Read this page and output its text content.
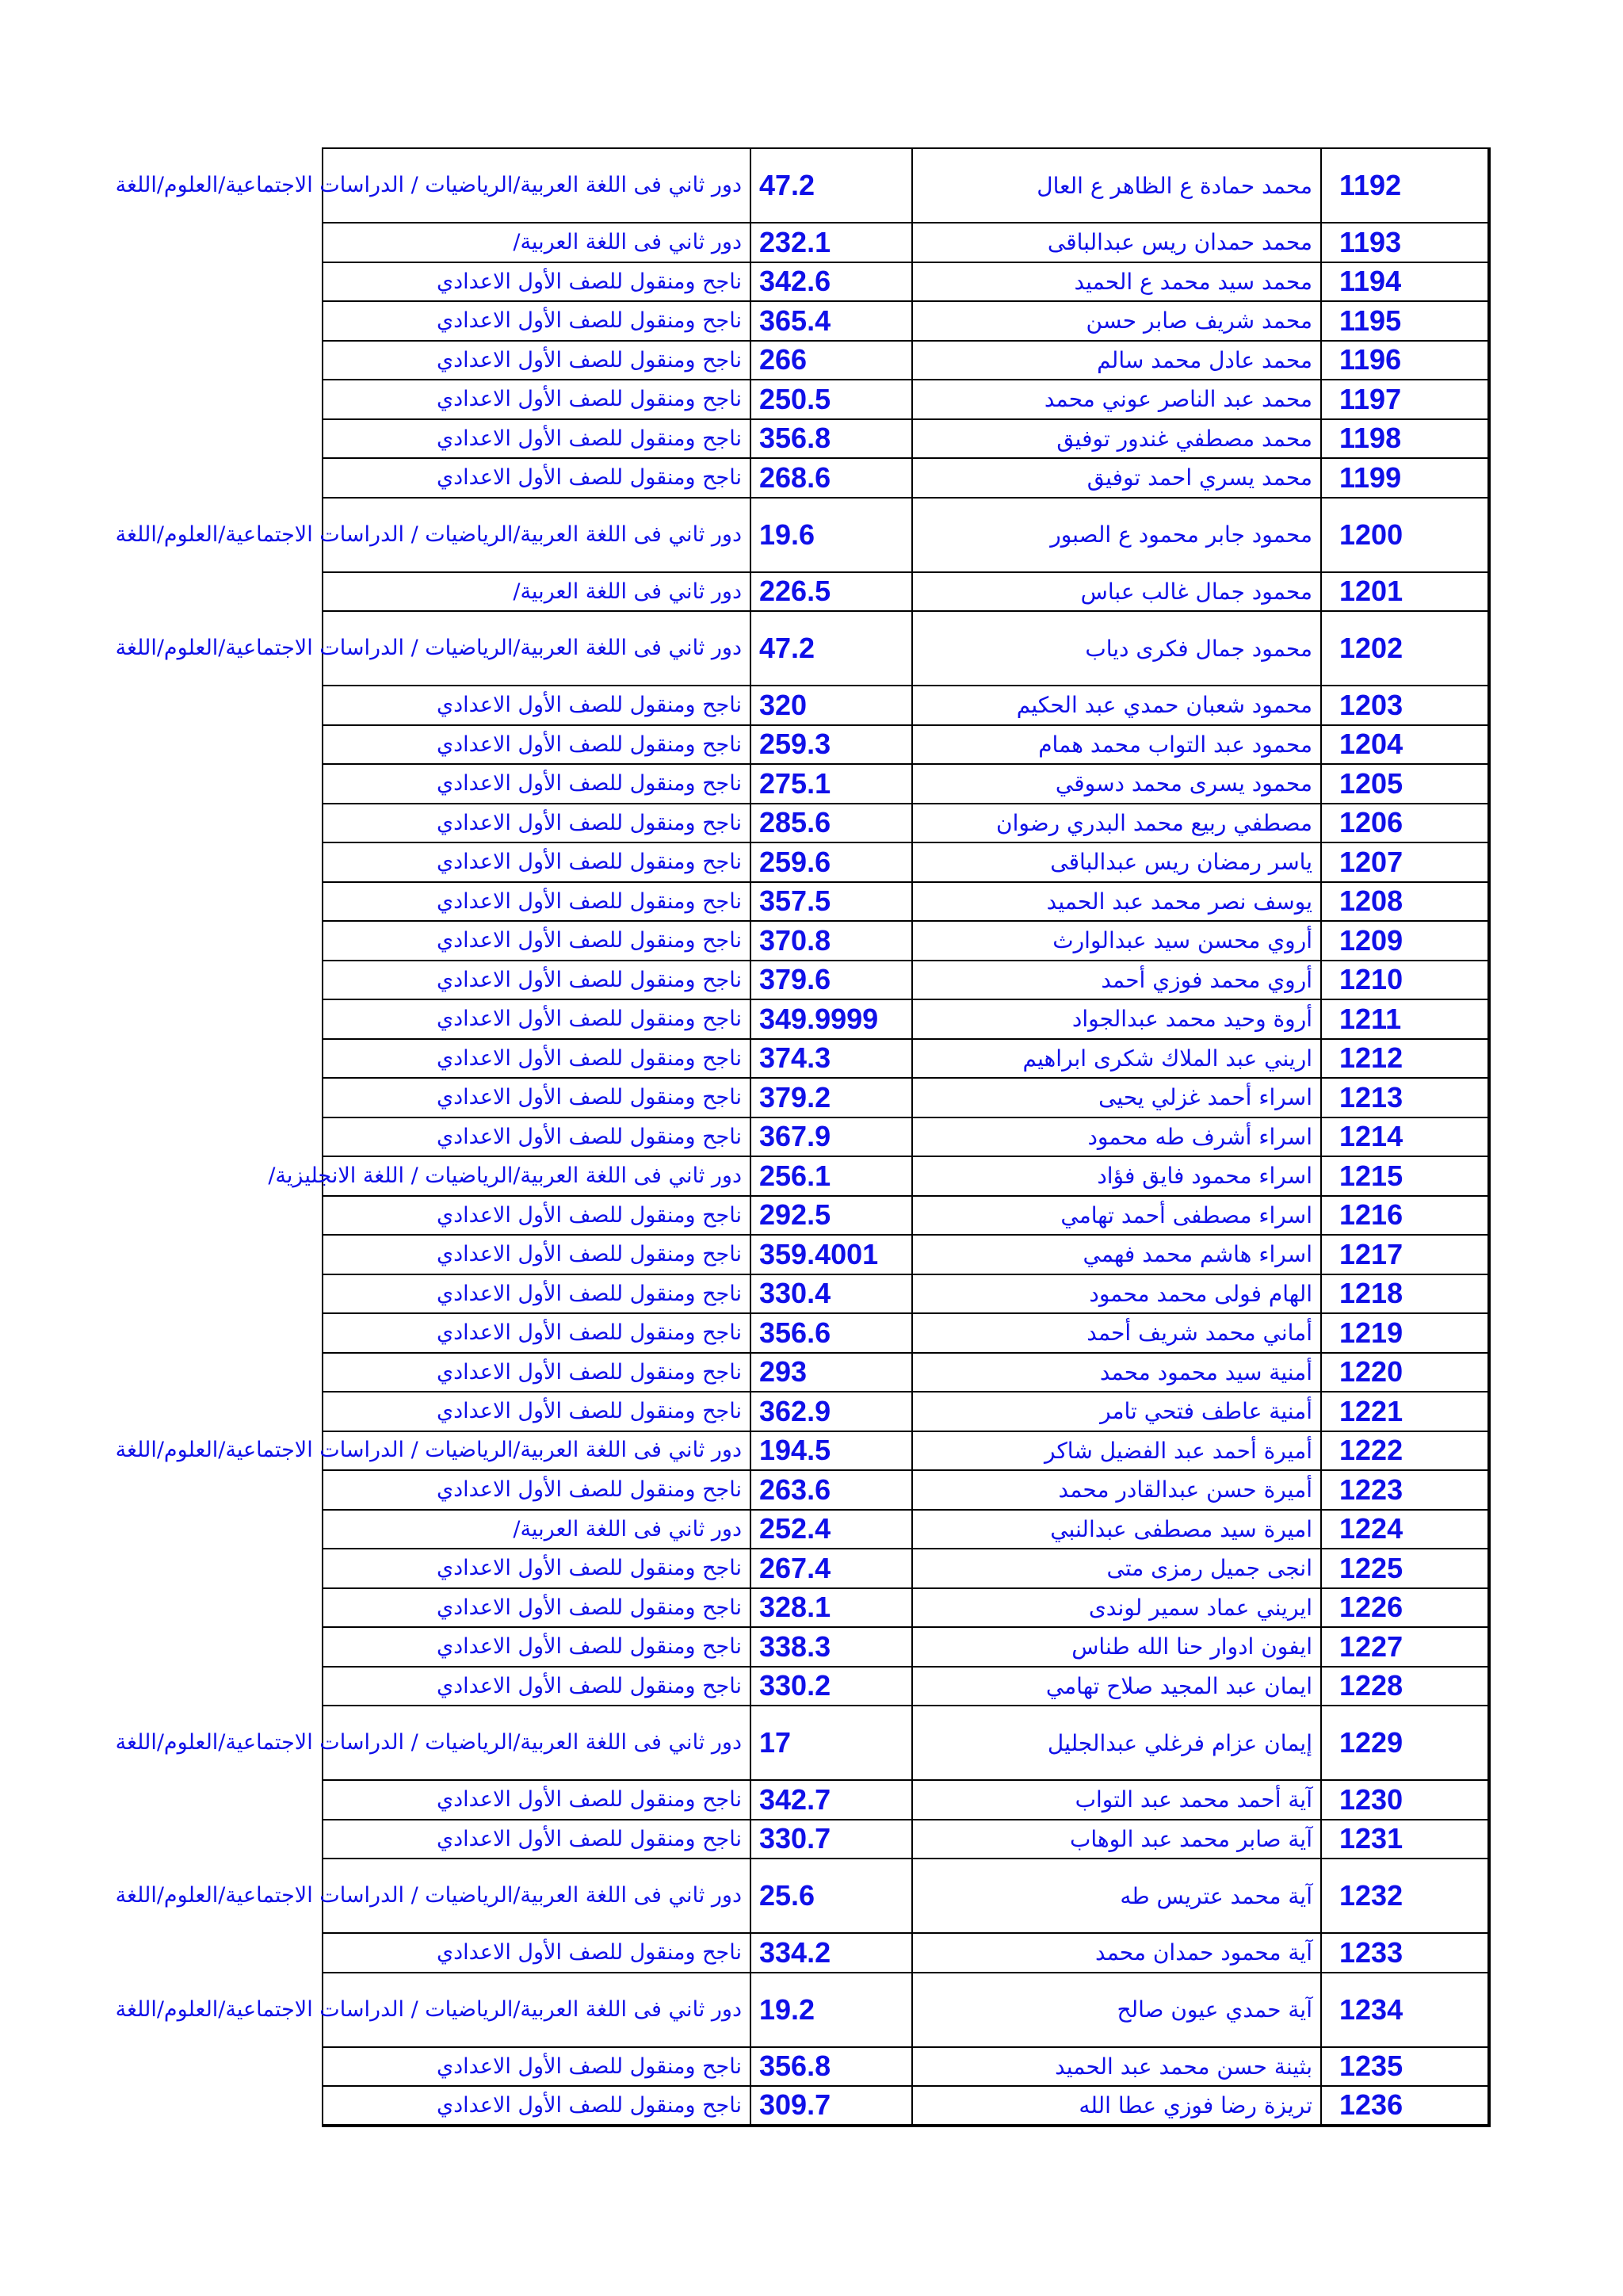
1192	محمد حمادة ع الظاهر ع العال	47.2	دور ثاني فى اللغة العربية/الرياضيات / الدراسات الاجتماعية/العلوم/اللغة
1193	محمد حمدان ريس عبدالباقى	232.1	دور ثاني فى اللغة العربية/
1194	محمد سيد محمد ع الحميد	342.6	ناجح ومنقول للصف الأول الاعدادي
1195	محمد شريف صابر حسن	365.4	ناجح ومنقول للصف الأول الاعدادي
1196	محمد عادل محمد سالم	266	ناجح ومنقول للصف الأول الاعدادي
1197	محمد عبد الناصر عوني محمد	250.5	ناجح ومنقول للصف الأول الاعدادي
1198	محمد مصطفي غندور توفيق	356.8	ناجح ومنقول للصف الأول الاعدادي
1199	محمد يسري احمد توفيق	268.6	ناجح ومنقول للصف الأول الاعدادي
1200	محمود جابر محمود ع الصبور	19.6	دور ثاني فى اللغة العربية/الرياضيات / الدراسات الاجتماعية/العلوم/اللغة
1201	محمود جمال غالب عباس	226.5	دور ثاني فى اللغة العربية/
1202	محمود جمال فكرى دياب	47.2	دور ثاني فى اللغة العربية/الرياضيات / الدراسات الاجتماعية/العلوم/اللغة
1203	محمود شعبان حمدي عبد الحكيم	320	ناجح ومنقول للصف الأول الاعدادي
1204	محمود عبد التواب محمد همام	259.3	ناجح ومنقول للصف الأول الاعدادي
1205	محمود يسرى محمد دسوقي	275.1	ناجح ومنقول للصف الأول الاعدادي
1206	مصطفي ربيع محمد البدري رضوان	285.6	ناجح ومنقول للصف الأول الاعدادي
1207	ياسر رمضان ريس عبدالباقى	259.6	ناجح ومنقول للصف الأول الاعدادي
1208	يوسف نصر محمد عبد الحميد	357.5	ناجح ومنقول للصف الأول الاعدادي
1209	أروي محسن سيد عبدالوارث	370.8	ناجح ومنقول للصف الأول الاعدادي
1210	أروي محمد فوزي أحمد	379.6	ناجح ومنقول للصف الأول الاعدادي
1211	أروة وحيد محمد عبدالجواد	349.9999	ناجح ومنقول للصف الأول الاعدادي
1212	اريني عبد الملاك شكرى ابراهيم	374.3	ناجح ومنقول للصف الأول الاعدادي
1213	اسراء أحمد غزلي يحيى	379.2	ناجح ومنقول للصف الأول الاعدادي
1214	اسراء أشرف طه محمود	367.9	ناجح ومنقول للصف الأول الاعدادي
1215	اسراء محمود فايق فؤاد	256.1	دور ثاني فى اللغة العربية/الرياضيات / اللغة الانجليزية/

1216	اسراء مصطفى أحمد تهامي	292.5	ناجح ومنقول للصف الأول الاعدادي
1217	اسراء هاشم محمد فهمي	359.4001	ناجح ومنقول للصف الأول الاعدادي
1218	الهام فولى محمد محمود	330.4	ناجح ومنقول للصف الأول الاعدادي
1219	أماني محمد شريف أحمد	356.6	ناجح ومنقول للصف الأول الاعدادي
1220	أمنية سيد محمود محمد	293	ناجح ومنقول للصف الأول الاعدادي
1221	أمنية عاطف فتحي تامر	362.9	ناجح ومنقول للصف الأول الاعدادي
1222	أميرة أحمد عبد الفضيل شاكر	194.5	دور ثاني فى اللغة العربية/الرياضيات / الدراسات الاجتماعية/العلوم/اللغة

1223	أميرة حسن عبدالقادر محمد	263.6	ناجح ومنقول للصف الأول الاعدادي
1224	اميرة سيد مصطفى عبدالنبي	252.4	دور ثاني فى اللغة العربية/
1225	انجى جميل رمزى متى	267.4	ناجح ومنقول للصف الأول الاعدادي
1226	ايريني عماد سمير لوندى	328.1	ناجح ومنقول للصف الأول الاعدادي
1227	ايفون ادوار حنا الله طناس	338.3	ناجح ومنقول للصف الأول الاعدادي
1228	ايمان عبد المجيد صلاح تهامي	330.2	ناجح ومنقول للصف الأول الاعدادي
1229	إيمان عزام فرغلي عبدالجليل	17	دور ثاني فى اللغة العربية/الرياضيات / الدراسات الاجتماعية/العلوم/اللغة
1230	آية أحمد محمد عبد التواب	342.7	ناجح ومنقول للصف الأول الاعدادي
1231	آية صابر محمد عبد الوهاب	330.7	ناجح ومنقول للصف الأول الاعدادي
1232	آية محمد عتريس طه	25.6	دور ثاني فى اللغة العربية/الرياضيات / الدراسات الاجتماعية/العلوم/اللغة
1233	آية محمود حمدان محمد	334.2	ناجح ومنقول للصف الأول الاعدادي
1234	آية حمدي عيون صالح	19.2	دور ثاني فى اللغة العربية/الرياضيات / الدراسات الاجتماعية/العلوم/اللغة
1235	بثينة حسن محمد عبد الحميد	356.8	ناجح ومنقول للصف الأول الاعدادي
1236	تريزة رضا فوزي عطا الله	309.7	ناجح ومنقول للصف الأول الاعدادي
